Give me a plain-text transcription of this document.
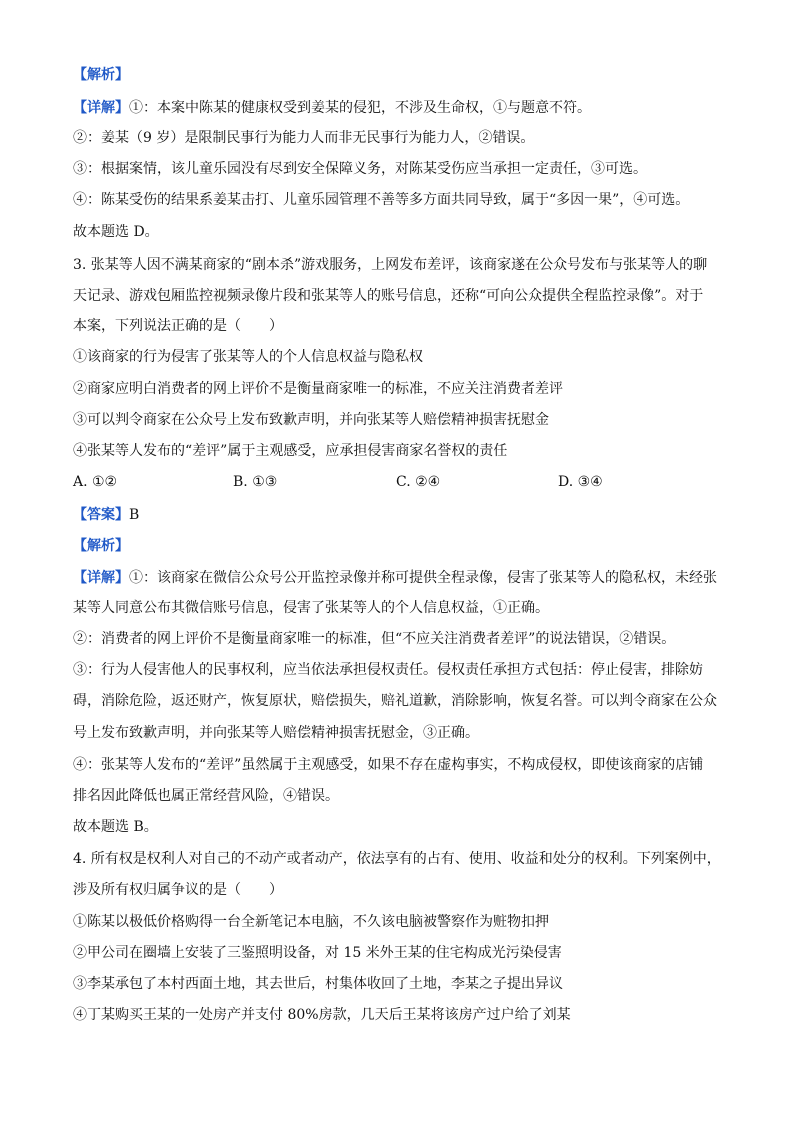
【解析】
【详解】①：本案中陈某的健康权受到姜某的侵犯，不涉及生命权，①与题意不符。
②：姜某（9 岁）是限制民事行为能力人而非无民事行为能力人，②错误。
③：根据案情，该儿童乐园没有尽到安全保障义务，对陈某受伤应当承担一定责任，③可选。
④：陈某受伤的结果系姜某击打、儿童乐园管理不善等多方面共同导致，属于“多因一果”，④可选。
故本题选 D。
3. 张某等人因不满某商家的“剧本杀”游戏服务，上网发布差评，该商家遂在公众号发布与张某等人的聊
天记录、游戏包厢监控视频录像片段和张某等人的账号信息，还称“可向公众提供全程监控录像”。对于
本案，下列说法正确的是（　　）
①该商家的行为侵害了张某等人的个人信息权益与隐私权
②商家应明白消费者的网上评价不是衡量商家唯一的标准，不应关注消费者差评
③可以判令商家在公众号上发布致歉声明，并向张某等人赔偿精神损害抚慰金
④张某等人发布的“差评”属于主观感受，应承担侵害商家名誉权的责任
A. ①②	B. ①③	C. ②④	D. ③④
【答案】B
【解析】
【详解】①：该商家在微信公众号公开监控录像并称可提供全程录像，侵害了张某等人的隐私权，未经张
某等人同意公布其微信账号信息，侵害了张某等人的个人信息权益，①正确。
②：消费者的网上评价不是衡量商家唯一的标准，但“不应关注消费者差评”的说法错误，②错误。
③：行为人侵害他人的民事权利，应当依法承担侵权责任。侵权责任承担方式包括：停止侵害，排除妨
碍，消除危险，返还财产，恢复原状，赔偿损失，赔礼道歉，消除影响，恢复名誉。可以判令商家在公众
号上发布致歉声明，并向张某等人赔偿精神损害抚慰金，③正确。
④：张某等人发布的“差评”虽然属于主观感受，如果不存在虚构事实，不构成侵权，即使该商家的店铺
排名因此降低也属正常经营风险，④错误。
故本题选 B。
4. 所有权是权利人对自己的不动产或者动产，依法享有的占有、使用、收益和处分的权利。下列案例中，
涉及所有权归属争议的是（　　）
①陈某以极低价格购得一台全新笔记本电脑，不久该电脑被警察作为赃物扣押
②甲公司在圈墙上安装了三鉴照明设备，对 15 米外王某的住宅构成光污染侵害
③李某承包了本村西面土地，其去世后，村集体收回了土地，李某之子提出异议
④丁某购买王某的一处房产并支付 80%房款，几天后王某将该房产过户给了刘某
